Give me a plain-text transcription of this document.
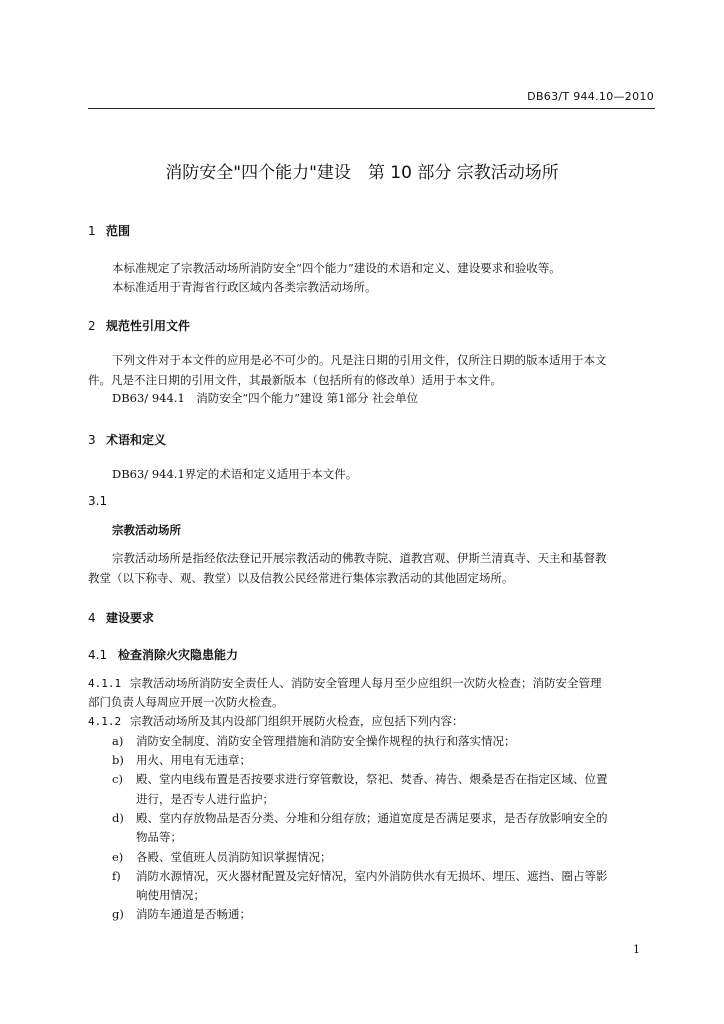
DB63/T 944.10—2010
消防安全"四个能力"建设　第 10 部分 宗教活动场所
1 范围
本标准规定了宗教活动场所消防安全“四个能力”建设的术语和定义、建设要求和验收等。
本标准适用于青海省行政区域内各类宗教活动场所。
2 规范性引用文件
下列文件对于本文件的应用是必不可少的。凡是注日期的引用文件，仅所注日期的版本适用于本文
件。凡是不注日期的引用文件，其最新版本（包括所有的修改单）适用于本文件。
DB63/ 944.1　消防安全“四个能力”建设 第1部分 社会单位
3 术语和定义
DB63/ 944.1界定的术语和定义适用于本文件。
3.1
宗教活动场所
宗教活动场所是指经依法登记开展宗教活动的佛教寺院、道教宫观、伊斯兰清真寺、天主和基督教
教堂（以下称寺、观、教堂）以及信教公民经常进行集体宗教活动的其他固定场所。
4 建设要求
4.1 检查消除火灾隐患能力
4.1.1 宗教活动场所消防安全责任人、消防安全管理人每月至少应组织一次防火检查；消防安全管理
部门负责人每周应开展一次防火检查。
4.1.2 宗教活动场所及其内设部门组织开展防火检查，应包括下列内容：
a) 消防安全制度、消防安全管理措施和消防安全操作规程的执行和落实情况；
b) 用火、用电有无违章；
c) 殿、堂内电线布置是否按要求进行穿管敷设，祭祀、焚香、祷告、煨桑是否在指定区域、位置
进行，是否专人进行监护；
d) 殿、堂内存放物品是否分类、分堆和分组存放；通道宽度是否满足要求，是否存放影响安全的
物品等；
e) 各殿、堂值班人员消防知识掌握情况；
f) 消防水源情况，灭火器材配置及完好情况，室内外消防供水有无损坏、埋压、遮挡、圈占等影
响使用情况；
g) 消防车通道是否畅通；
1
